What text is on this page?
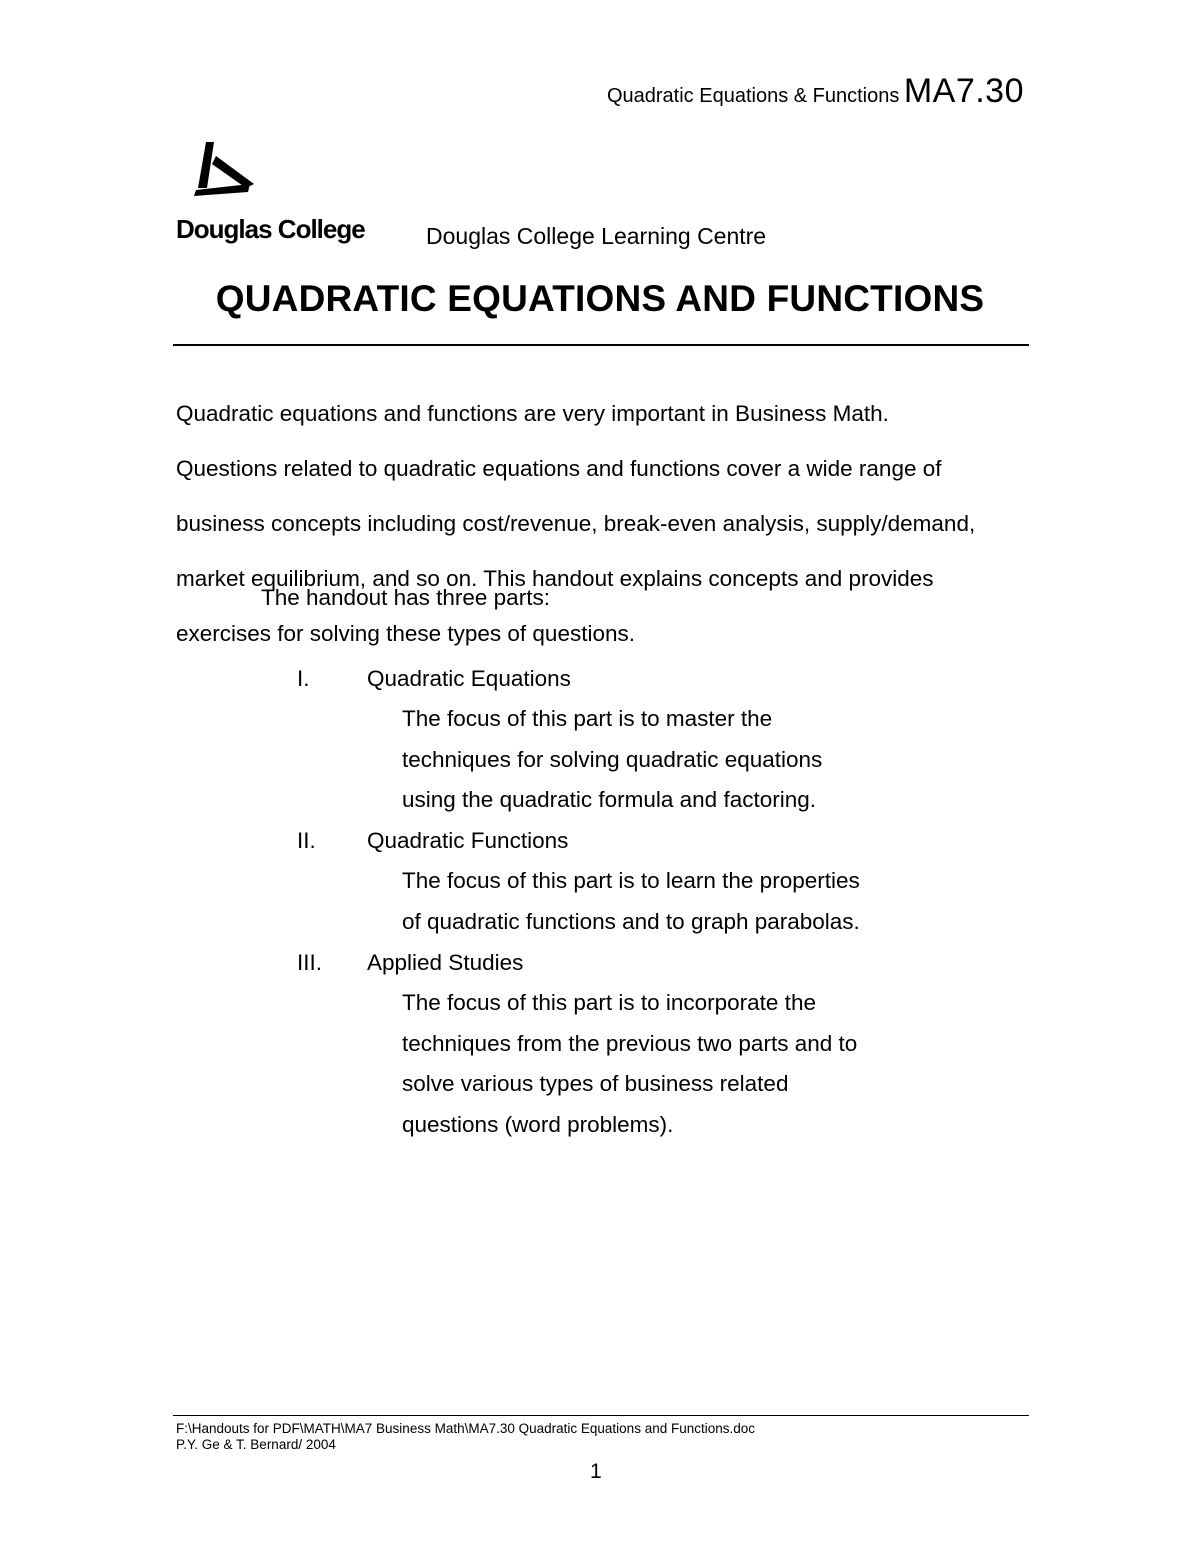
Quadratic Equations & Functions MA7.30
Douglas College	Douglas College Learning Centre
QUADRATIC EQUATIONS AND FUNCTIONS

Quadratic equations and functions are very important in Business Math.

Questions related to quadratic equations and functions cover a wide range of

business concepts including cost/revenue, break-even analysis, supply/demand,

market equilibrium, and so on. This handout explains concepts and provides

exercises for solving these types of questions.

The handout has three parts:
I.	Quadratic Equations
The focus of this part is to master the
techniques for solving quadratic equations
using the quadratic formula and factoring.
II. Quadratic Functions
The focus of this part is to learn the properties
of quadratic functions and to graph parabolas.
III. Applied Studies
The focus of this part is to incorporate the
techniques from the previous two parts and to
solve various types of business related
questions (word problems).
F:\Handouts for PDF\MATH\MA7 Business Math\MA7.30 Quadratic Equations and Functions.doc
P.Y. Ge & T. Bernard/ 2004
1
